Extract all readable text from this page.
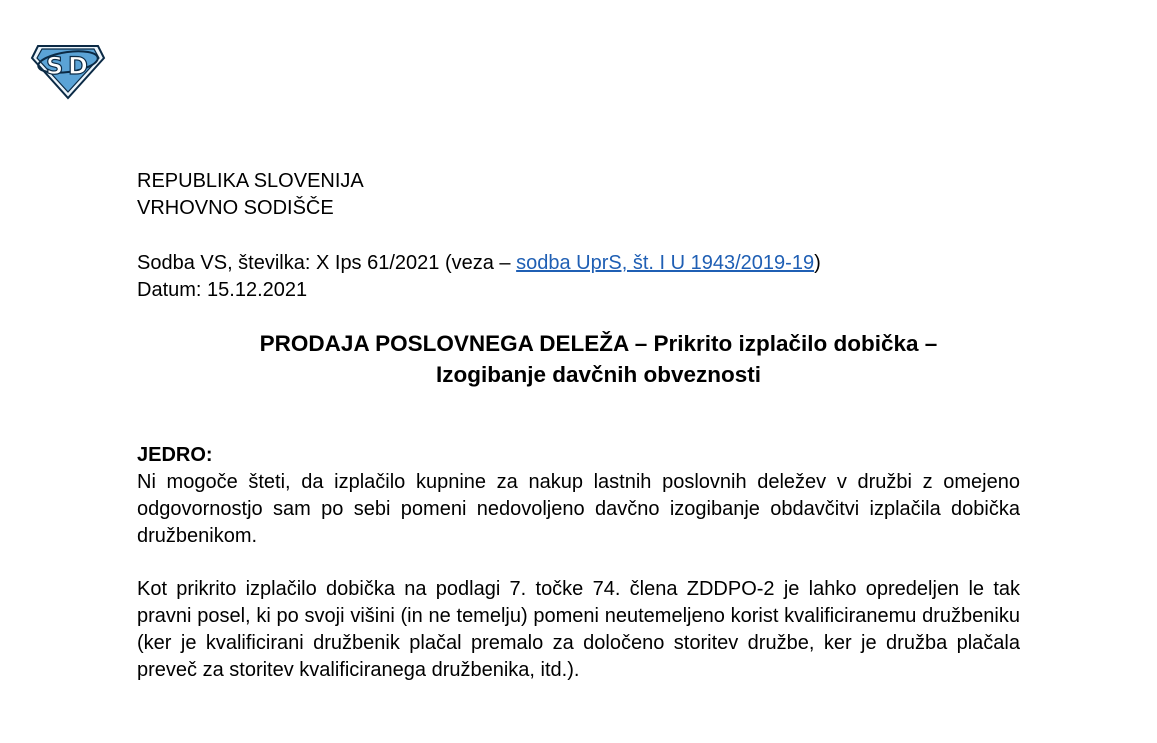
S D
REPUBLIKA SLOVENIJA
VRHOVNO SODIŠČE
Sodba VS, številka: X Ips 61/2021 (veza – sodba UprS, št. I U 1943/2019-19)
Datum: 15.12.2021
PRODAJA POSLOVNEGA DELEŽA – Prikrito izplačilo dobička –
Izogibanje davčnih obveznosti
JEDRO:
Ni mogoče šteti, da izplačilo kupnine za nakup lastnih poslovnih deležev v družbi z omejeno odgovornostjo sam po sebi pomeni nedovoljeno davčno izogibanje obdavčitvi izplačila dobička družbenikom.
Kot prikrito izplačilo dobička na podlagi 7. točke 74. člena ZDDPO-2 je lahko opredeljen le tak pravni posel, ki po svoji višini (in ne temelju) pomeni neutemeljeno korist kvalificiranemu družbeniku (ker je kvalificirani družbenik plačal premalo za določeno storitev družbe, ker je družba plačala preveč za storitev kvalificiranega družbenika, itd.).
